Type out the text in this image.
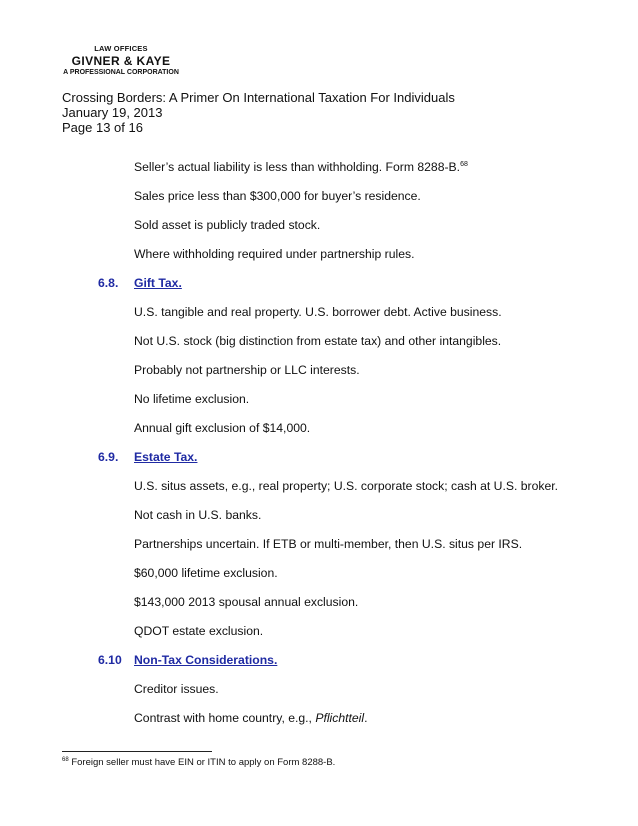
LAW OFFICES
GIVNER & KAYE
A PROFESSIONAL CORPORATION
Crossing Borders: A Primer On International Taxation For Individuals
January 19, 2013
Page 13 of 16
Seller’s actual liability is less than withholding. Form 8288-B.$^{68}$
Sales price less than $300,000 for buyer’s residence.
Sold asset is publicly traded stock.
Where withholding required under partnership rules.
6.8. Gift Tax.
U.S. tangible and real property. U.S. borrower debt. Active business.
Not U.S. stock (big distinction from estate tax) and other intangibles.
Probably not partnership or LLC interests.
No lifetime exclusion.
Annual gift exclusion of $14,000.
6.9. Estate Tax.
U.S. situs assets, e.g., real property; U.S. corporate stock; cash at U.S. broker.
Not cash in U.S. banks.
Partnerships uncertain. If ETB or multi-member, then U.S. situs per IRS.
$60,000 lifetime exclusion.
$143,000 2013 spousal annual exclusion.
QDOT estate exclusion.
6.10 Non-Tax Considerations.
Creditor issues.
Contrast with home country, e.g., Pflichtteil.
$^{68}$ Foreign seller must have EIN or ITIN to apply on Form 8288-B.
